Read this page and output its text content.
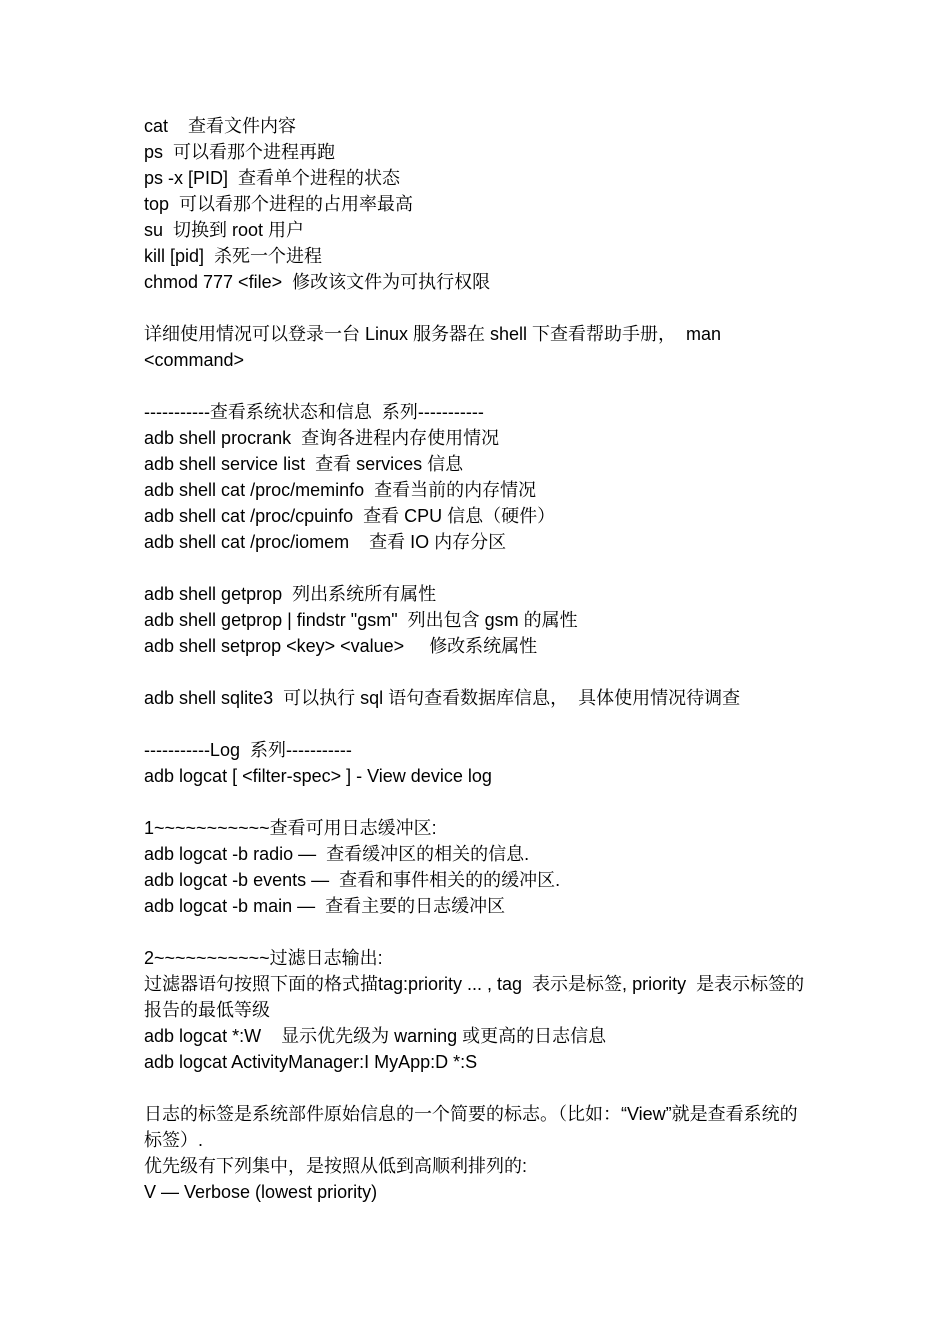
cat    查看文件内容
ps  可以看那个进程再跑
ps -x [PID]  查看单个进程的状态
top  可以看那个进程的占用率最高
su  切换到 root 用户
kill [pid]  杀死一个进程
chmod 777 <file>  修改该文件为可执行权限
详细使用情况可以登录一台 Linux 服务器在 shell 下查看帮助手册，  man <command>
-----------查看系统状态和信息  系列-----------
adb shell procrank  查询各进程内存使用情况
adb shell service list  查看 services 信息
adb shell cat /proc/meminfo  查看当前的内存情况
adb shell cat /proc/cpuinfo  查看 CPU 信息（硬件）
adb shell cat /proc/iomem    查看 IO 内存分区
adb shell getprop  列出系统所有属性
adb shell getprop | findstr "gsm"  列出包含 gsm 的属性
adb shell setprop <key> <value>     修改系统属性
adb shell sqlite3  可以执行 sql 语句查看数据库信息，  具体使用情况待调查
-----------Log  系列-----------
adb logcat [ <filter-spec> ] - View device log
1~~~~~~~~~~~查看可用日志缓冲区:
adb logcat -b radio —  查看缓冲区的相关的信息.
adb logcat -b events —  查看和事件相关的的缓冲区.
adb logcat -b main —  查看主要的日志缓冲区
2~~~~~~~~~~~过滤日志输出:
过滤器语句按照下面的格式描tag:priority ... , tag  表示是标签, priority  是表示标签的报告的最低等级
adb logcat *:W    显示优先级为 warning 或更高的日志信息
adb logcat ActivityManager:I MyApp:D *:S
日志的标签是系统部件原始信息的一个简要的标志。（比如：“View”就是查看系统的标签）.
优先级有下列集中，是按照从低到高顺利排列的:
V — Verbose (lowest priority)
